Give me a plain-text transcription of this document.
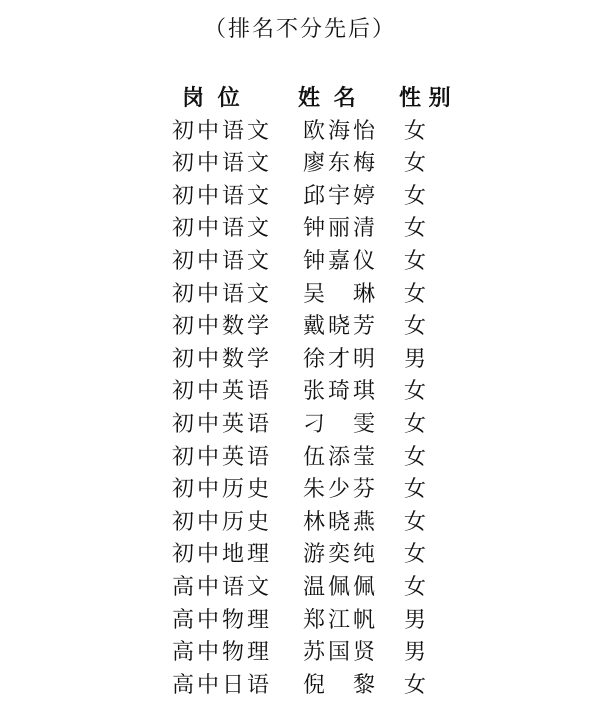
（排名不分先后）
岗 位	姓 名	性 别
初中语文 欧海怡 女
初中语文 廖东梅 女
初中语文 邱宇婷 女
初中语文 钟丽清 女
初中语文 钟嘉仪 女
初中语文 吴　琳 女
初中数学 戴晓芳 女
初中数学 徐才明 男
初中英语 张琦琪 女
初中英语 刁　雯 女
初中英语 伍添莹 女
初中历史 朱少芬 女
初中历史 林晓燕 女
初中地理 游奕纯 女
高中语文 温佩佩 女
高中物理 郑江帆 男
高中物理 苏国贤 男
高中日语 倪　黎 女
